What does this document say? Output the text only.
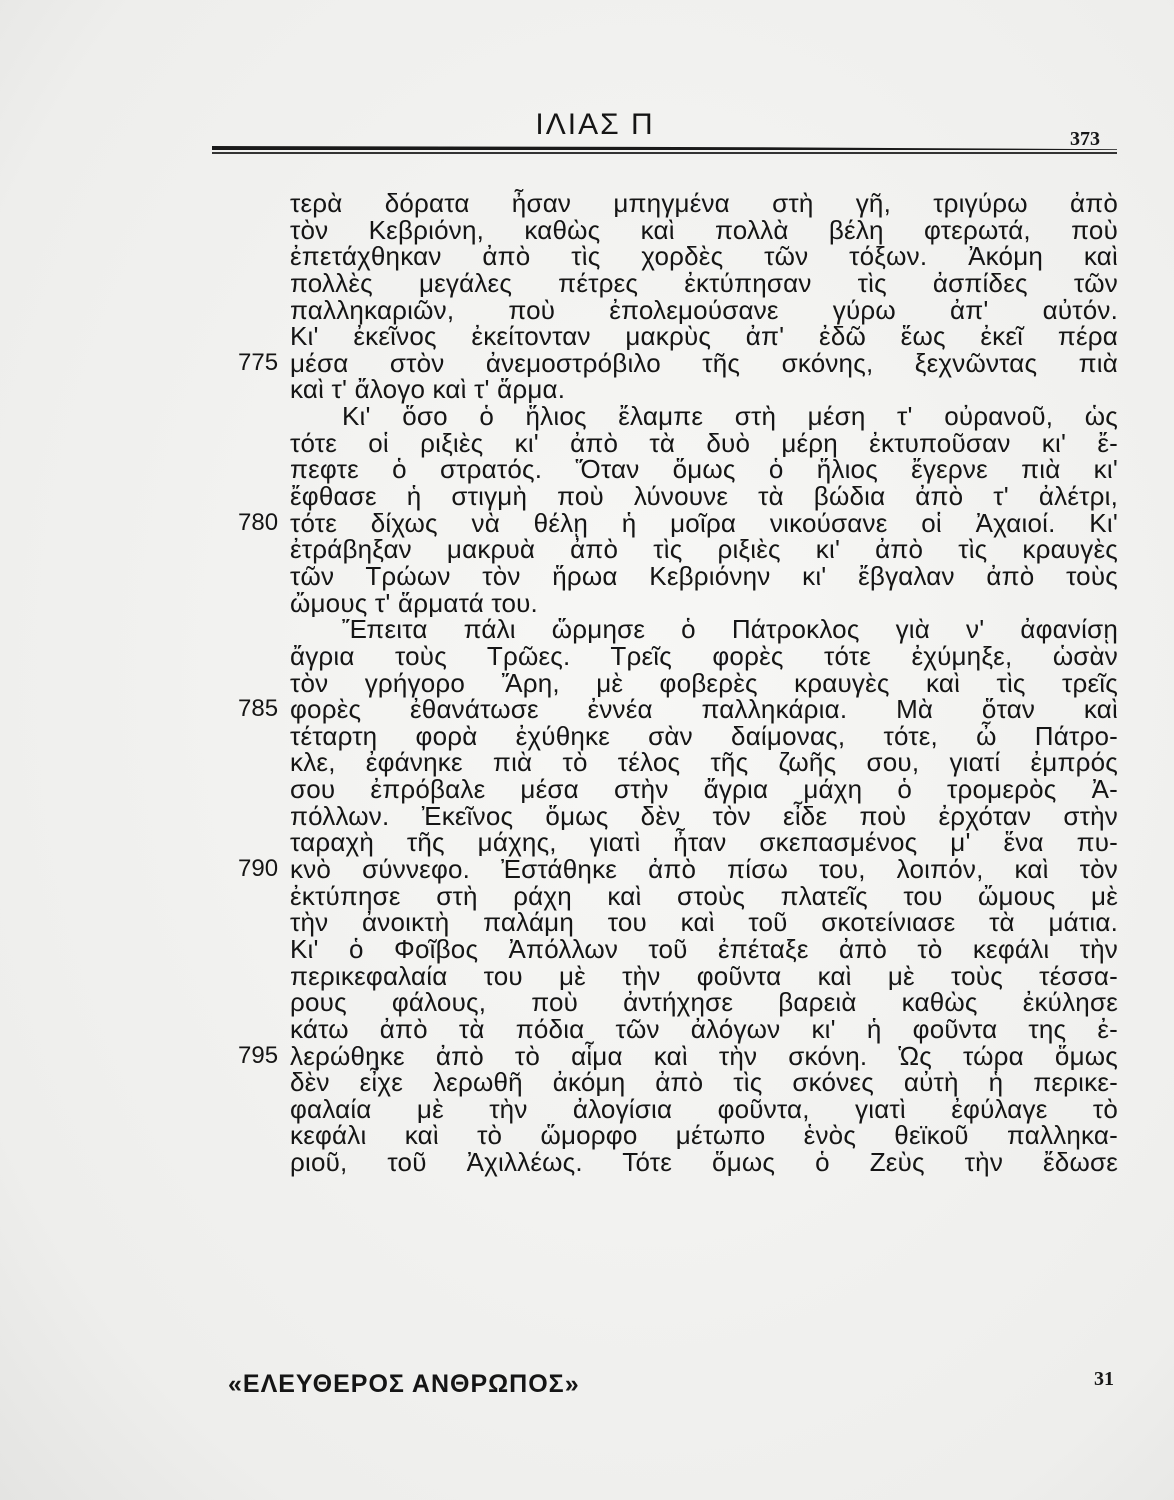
ΙΛΙΑΣ Π	373
τερὰ δόρατα ἦσαν μπηγμένα στὴ γῆ, τριγύρω ἀπὸ
τὸν Κεβριόνη, καθὼς καὶ πολλὰ βέλη φτερωτά, ποὺ
ἐπετάχθηκαν ἀπὸ τὶς χορδὲς τῶν τόξων. Ἀκόμη καὶ
πολλὲς μεγάλες πέτρες ἐκτύπησαν τὶς ἀσπίδες τῶν
παλληκαριῶν, ποὺ ἐπολεμούσανε γύρω ἀπ' αὐτόν.
Κι' ἐκεῖνος ἐκείτονταν μακρὺς ἀπ' ἐδῶ ἕως ἐκεῖ πέρα
775 μέσα στὸν ἀνεμοστρόβιλο τῆς σκόνης, ξεχνῶντας πιὰ
καὶ τ' ἄλογο καὶ τ' ἅρμα.
Κι' ὅσο ὁ ἥλιος ἔλαμπε στὴ μέση τ' οὐρανοῦ, ὡς
τότε οἱ ριξιὲς κι' ἀπὸ τὰ δυὸ μέρη ἐκτυποῦσαν κι' ἔ-
πεφτε ὁ στρατός. Ὅταν ὅμως ὁ ἥλιος ἔγερνε πιὰ κι'
ἔφθασε ἡ στιγμὴ ποὺ λύνουνε τὰ βώδια ἀπὸ τ' ἀλέτρι,
780 τότε δίχως νὰ θέλῃ ἡ μοῖρα νικούσανε οἱ Ἀχαιοί. Κι'
ἐτράβηξαν μακρυὰ ἀπὸ τὶς ριξιὲς κι' ἀπὸ τὶς κραυγὲς
τῶν Τρώων τὸν ἥρωα Κεβριόνην κι' ἔβγαλαν ἀπὸ τοὺς
ὤμους τ' ἅρματά του.
Ἔπειτα πάλι ὥρμησε ὁ Πάτροκλος γιὰ ν' ἀφανίσῃ
ἄγρια τοὺς Τρῶες. Τρεῖς φορὲς τότε ἐχύμηξε, ὡσὰν
τὸν γρήγορο Ἄρη, μὲ φοβερὲς κραυγὲς καὶ τὶς τρεῖς
785 φορὲς ἐθανάτωσε ἐννέα παλληκάρια. Μὰ ὅταν καὶ
τέταρτη φορὰ ἐχύθηκε σὰν δαίμονας, τότε, ὦ Πάτρο-
κλε, ἐφάνηκε πιὰ τὸ τέλος τῆς ζωῆς σου, γιατί ἐμπρός
σου ἐπρόβαλε μέσα στὴν ἄγρια μάχη ὁ τρομερὸς Ἀ-
πόλλων. Ἐκεῖνος ὅμως δὲν τὸν εἶδε ποὺ ἐρχόταν στὴν
ταραχὴ τῆς μάχης, γιατὶ ἦταν σκεπασμένος μ' ἕνα πυ-
790 κνὸ σύννεφο. Ἐστάθηκε ἀπὸ πίσω του, λοιπόν, καὶ τὸν
ἐκτύπησε στὴ ράχη καὶ στοὺς πλατεῖς του ὤμους μὲ
τὴν ἀνοικτὴ παλάμη του καὶ τοῦ σκοτείνιασε τὰ μάτια.
Κι' ὁ Φοῖβος Ἀπόλλων τοῦ ἐπέταξε ἀπὸ τὸ κεφάλι τὴν
περικεφαλαία του μὲ τὴν φοῦντα καὶ μὲ τοὺς τέσσα-
ρους φάλους, ποὺ ἀντήχησε βαρειὰ καθὼς ἐκύλησε
κάτω ἀπὸ τὰ πόδια τῶν ἀλόγων κι' ἡ φοῦντα της ἐ-
795 λερώθηκε ἀπὸ τὸ αἷμα καὶ τὴν σκόνη. Ὡς τώρα ὅμως
δὲν εἶχε λερωθῆ ἀκόμη ἀπὸ τὶς σκόνες αὐτὴ ἡ περικε-
φαλαία μὲ τὴν ἀλογίσια φοῦντα, γιατὶ ἐφύλαγε τὸ
κεφάλι καὶ τὸ ὥμορφο μέτωπο ἑνὸς θεϊκοῦ παλληκα-
ριοῦ, τοῦ Ἀχιλλέως. Τότε ὅμως ὁ Ζεὺς τὴν ἔδωσε
«ΕΛΕΥΘΕΡΟΣ ΑΝΘΡΩΠΟΣ»	31
